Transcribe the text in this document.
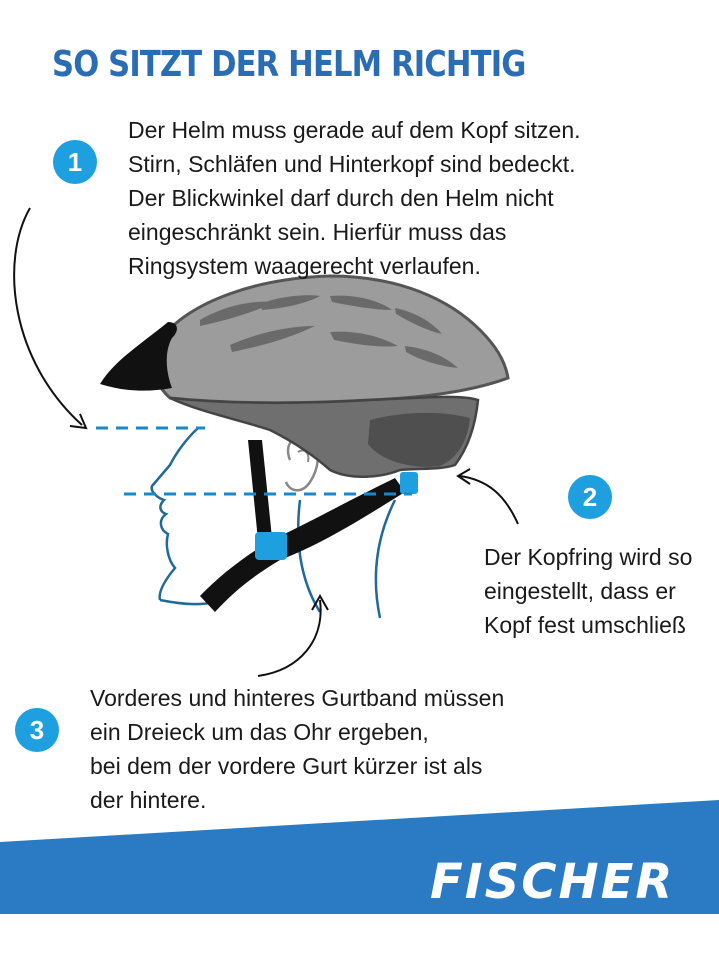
SO SITZT DER HELM RICHTIG
1

Der Helm muss gerade auf dem Kopf sitzen.

Stirn, Schläfen und Hinterkopf sind bedeckt.

Der Blickwinkel darf durch den Helm nicht

eingeschränkt sein. Hierfür muss das

Ringsystem waagerecht verlaufen.

2

Der Kopfring wird so

eingestellt, dass er

Kopf fest umschließ

3

Vorderes und hinteres Gurtband müssen

ein Dreieck um das Ohr ergeben,

bei dem der vordere Gurt kürzer ist als

der hintere.

FISCHER
